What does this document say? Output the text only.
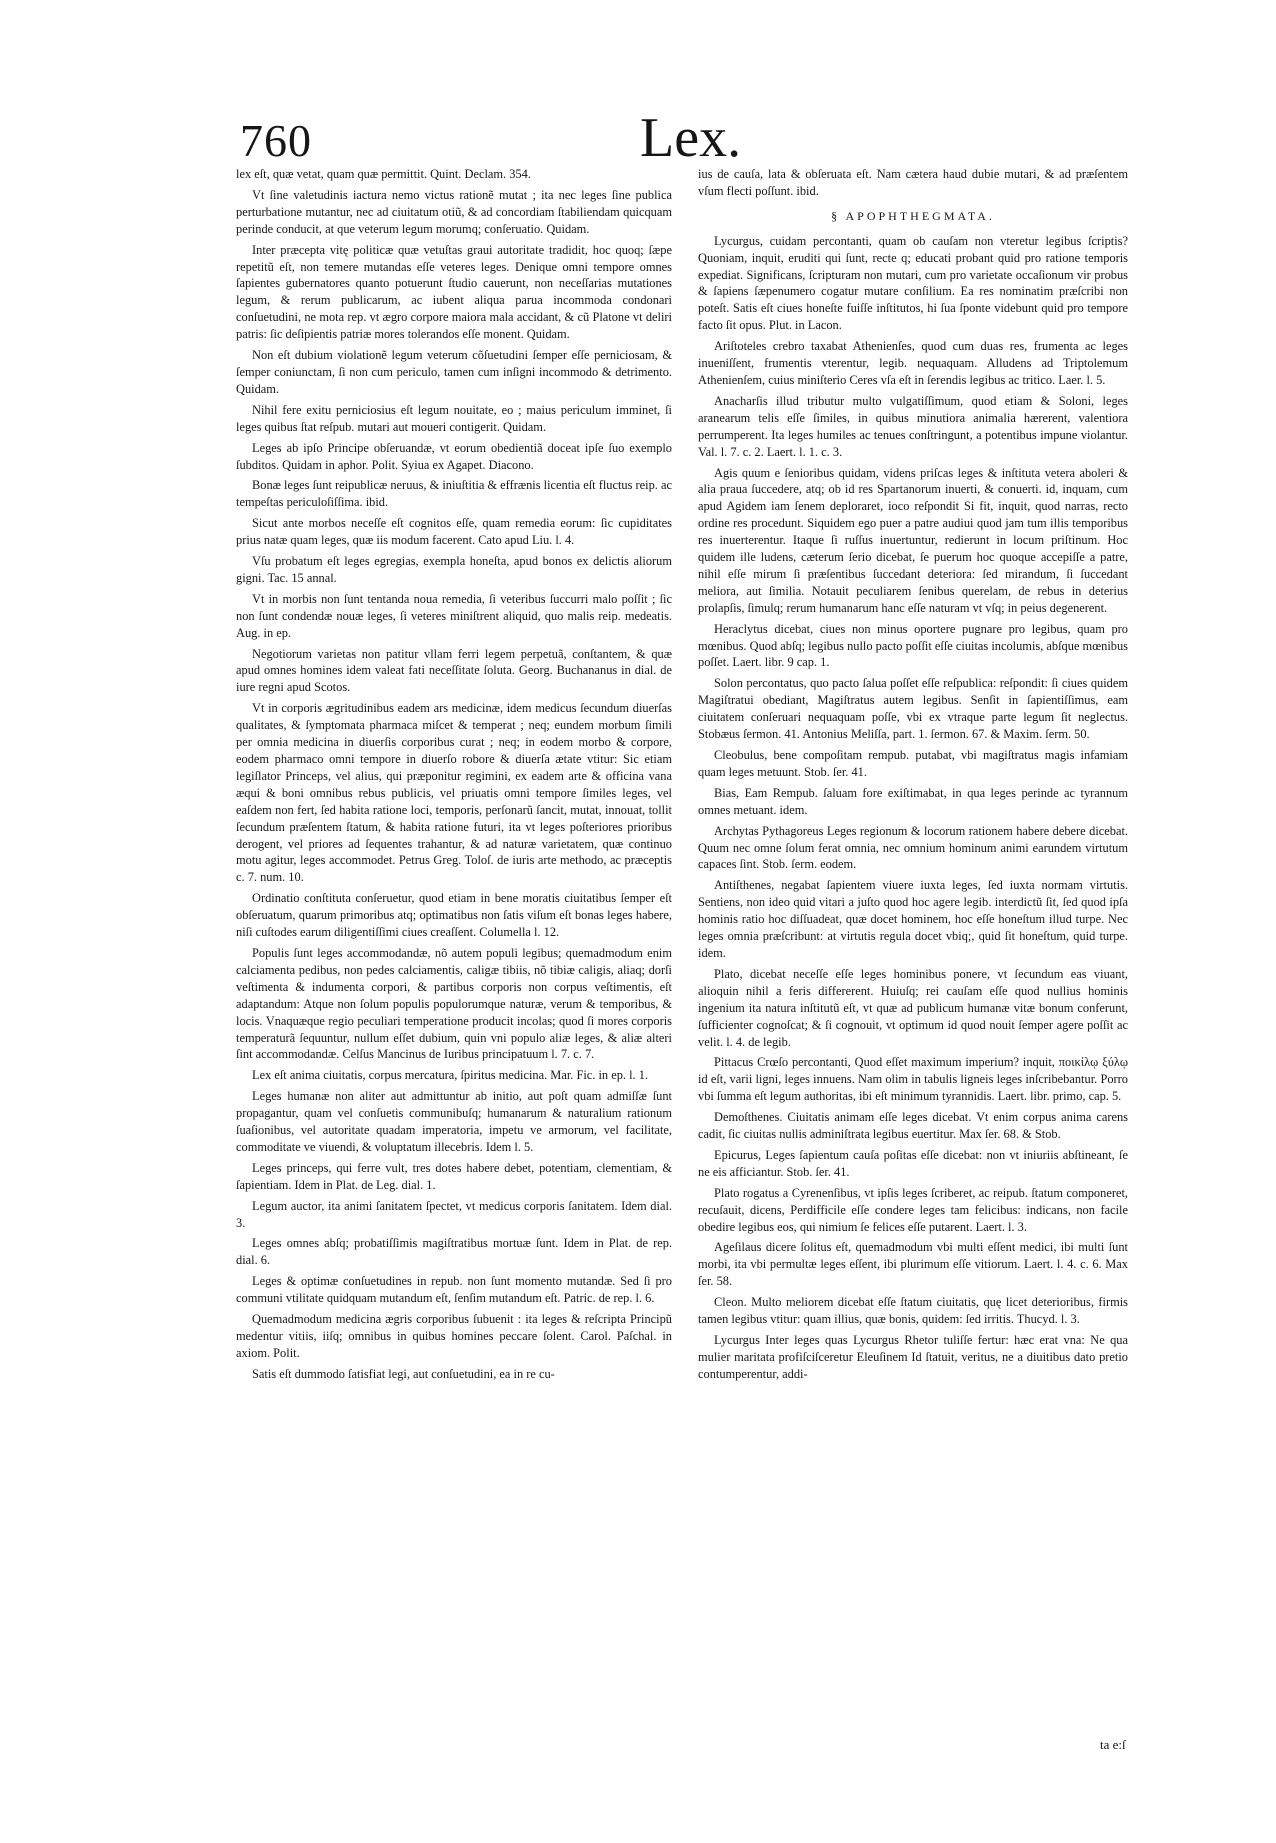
760	Lex.

lex eſt, quæ vetat, quam quæ permittit. Quint. Declam. 354.

Vt ſine valetudinis iactura nemo victus rationẽ mutat ; ita nec leges ſine publica perturbatione mutantur, nec ad ciuitatum otiũ, & ad concordiam ſtabiliendam quicquam perinde conducit, at que veterum legum morumq; conſeruatio. Quidam.

Inter præcepta vitę politicæ quæ vetuſtas graui autoritate tradidit, hoc quoq; ſæpe repetitũ eſt, non temere mutandas eſſe veteres leges. Denique omni tempore omnes ſapientes gubernatores quanto potuerunt ſtudio cauerunt, non neceſſarias mutationes legum, & rerum publicarum, ac iubent aliqua parua incommoda condonari conſuetudini, ne mota rep. vt ægro corpore maiora mala accidant, & cũ Platone vt deliri patris: ſic deſipientis patriæ mores tolerandos eſſe monent. Quidam.

Non eſt dubium violationẽ legum veterum cõſuetudini ſemper eſſe perniciosam, & ſemper coniunctam, ſi non cum periculo, tamen cum inſigni incommodo & detrimento. Quidam.

Nihil fere exitu perniciosius eſt legum nouitate, eo ; maius periculum imminet, ſi leges quibus ſtat reſpub. mutari aut moueri contigerit. Quidam.

Leges ab ipſo Principe obſeruandæ, vt eorum obedientiã doceat ipſe ſuo exemplo ſubditos. Quidam in aphor. Polit. Syiua ex Agapet. Diacono.

Bonæ leges ſunt reipublicæ neruus, & iniuſtitia & effrænis licentia eſt fluctus reip. ac tempeſtas periculoſiſſima. ibid.

Sicut ante morbos neceſſe eſt cognitos eſſe, quam remedia eorum: ſic cupiditates prius natæ quam leges, quæ iis modum facerent. Cato apud Liu. l. 4.

Vſu probatum eſt leges egregias, exempla honeſta, apud bonos ex delictis aliorum gigni. Tac. 15 annal.

Vt in morbis non ſunt tentanda noua remedia, ſi veteribus ſuccurri malo poſſit ; ſic non ſunt condendæ nouæ leges, ſi veteres miniſtrent aliquid, quo malis reip. medeatis. Aug. in ep.

Negotiorum varietas non patitur vllam ferri legem perpetuã, conſtantem, & quæ apud omnes homines idem valeat fati neceſſitate ſoluta. Georg. Buchananus in dial. de iure regni apud Scotos.

Vt in corporis ægritudinibus eadem ars medicinæ, idem medicus ſecundum diuerſas qualitates, & ſymptomata pharmaca miſcet & temperat ; neq; eundem morbum ſimili per omnia medicina in diuerſis corporibus curat ; neq; in eodem morbo & corpore, eodem pharmaco omni tempore in diuerſo robore & diuerſa ætate vtitur: Sic etiam legiſlator Princeps, vel alius, qui præponitur regimini, ex eadem arte & officina vana æqui & boni omnibus rebus publicis, vel priuatis omni tempore ſimiles leges, vel eaſdem non fert, ſed habita ratione loci, temporis, perſonarũ ſancit, mutat, innouat, tollit ſecundum præſentem ſtatum, & habita ratione futuri, ita vt leges poſteriores prioribus derogent, vel priores ad ſequentes trahantur, & ad naturæ varietatem, quæ continuo motu agitur, leges accommodet. Petrus Greg. Toloſ. de iuris arte methodo, ac præceptis c. 7. num. 10.

Ordinatio conſtituta conſeruetur, quod etiam in bene moratis ciuitatibus ſemper eſt obſeruatum, quarum primoribus atq; optimatibus non ſatis viſum eſt bonas leges habere, niſi cuſtodes earum diligentiſſimi ciues creaſſent. Columella l. 12.

Populis ſunt leges accommodandæ, nõ autem populi legibus; quemadmodum enim calciamenta pedibus, non pedes calciamentis, caligæ tibiis, nõ tibiæ caligis, aliaq; dorſi veſtimenta & indumenta corpori, & partibus corporis non corpus veſtimentis, eſt adaptandum: Atque non ſolum populis populorumque naturæ, verum & temporibus, & locis. Vnaquæque regio peculiari temperatione producit incolas; quod ſi mores corporis temperaturã ſequuntur, nullum eſſet dubium, quin vni populo aliæ leges, & aliæ alteri ſint accommodandæ. Celſus Mancinus de Iuribus principatuum l. 7. c. 7.

Lex eſt anima ciuitatis, corpus mercatura, ſpiritus medicina. Mar. Fic. in ep. l. 1.

Leges humanæ non aliter aut admittuntur ab initio, aut poſt quam admiſſæ ſunt propagantur, quam vel conſuetis communibuſq; humanarum & naturalium rationum ſuaſionibus, vel autoritate quadam imperatoria, impetu ve armorum, vel facilitate, commoditate ve viuendi, & voluptatum illecebris. Idem l. 5.

Leges princeps, qui ferre vult, tres dotes habere debet, potentiam, clementiam, & ſapientiam. Idem in Plat. de Leg. dial. 1.

Legum auctor, ita animi ſanitatem ſpectet, vt medicus corporis ſanitatem. Idem dial. 3.

Leges omnes abſq; probatiſſimis magiſtratibus mortuæ ſunt. Idem in Plat. de rep. dial. 6.

Leges & optimæ conſuetudines in repub. non ſunt momento mutandæ. Sed ſi pro communi vtilitate quidquam mutandum eſt, ſenſim mutandum eſt. Patric. de rep. l. 6.

Quemadmodum medicina ægris corporibus ſubuenit : ita leges & reſcripta Principũ medentur vitiis, iiſq; omnibus in quibus homines peccare ſolent. Carol. Paſchal. in axiom. Polit.

Satis eſt dummodo ſatisfiat legi, aut conſuetudini, ea in re cu-

ius de cauſa, lata & obſeruata eſt. Nam cætera haud dubie mutari, & ad præſentem vſum flecti poſſunt. ibid.

§ APOPHTHEGMATA.

Lycurgus, cuidam percontanti, quam ob cauſam non vteretur legibus ſcriptis? Quoniam, inquit, eruditi qui ſunt, recte q; educati probant quid pro ratione temporis expediat. Significans, ſcripturam non mutari, cum pro varietate occaſionum vir probus & ſapiens ſæpenumero cogatur mutare conſilium. Ea res nominatim præſcribi non poteſt. Satis eſt ciues honeſte fuiſſe inſtitutos, hi ſua ſponte videbunt quid pro tempore facto ſit opus. Plut. in Lacon.

Ariſtoteles crebro taxabat Athenienſes, quod cum duas res, frumenta ac leges inueniſſent, frumentis vterentur, legib. nequaquam. Alludens ad Triptolemum Athenienſem, cuius miniſterio Ceres vſa eſt in ſerendis legibus ac tritico. Laer. l. 5.

Anacharſis illud tributur multo vulgatiſſimum, quod etiam & Soloni, leges aranearum telis eſſe ſimiles, in quibus minutiora animalia hærerent, valentiora perrumperent. Ita leges humiles ac tenues conſtringunt, a potentibus impune violantur. Val. l. 7. c. 2. Laert. l. 1. c. 3.

Agis quum e ſenioribus quidam, videns priſcas leges & inſtituta vetera aboleri & alia praua ſuccedere, atq; ob id res Spartanorum inuerti, & conuerti. id, inquam, cum apud Agidem iam ſenem deploraret, ioco reſpondit Si fit, inquit, quod narras, recto ordine res procedunt. Siquidem ego puer a patre audiui quod jam tum illis temporibus res inuerterentur. Itaque ſi ruſſus inuertuntur, redierunt in locum priſtinum. Hoc quidem ille ludens, cæterum ſerio dicebat, ſe puerum hoc quoque accepiſſe a patre, nihil eſſe mirum ſi præſentibus ſuccedant deteriora: ſed mirandum, ſi ſuccedant meliora, aut ſimilia. Notauit peculiarem ſenibus querelam, de rebus in deterius prolapſis, ſimulq; rerum humanarum hanc eſſe naturam vt vſq; in peius degenerent.

Heraclytus dicebat, ciues non minus oportere pugnare pro legibus, quam pro mœnibus. Quod abſq; legibus nullo pacto poſſit eſſe ciuitas incolumis, abſque mœnibus poſſet. Laert. libr. 9 cap. 1.

Solon percontatus, quo pacto ſalua poſſet eſſe reſpublica: reſpondit: ſi ciues quidem Magiſtratui obediant, Magiſtratus autem legibus. Senſit in ſapientiſſimus, eam ciuitatem conſeruari nequaquam poſſe, vbi ex vtraque parte legum ſit neglectus. Stobæus ſermon. 41. Antonius Meliſſa, part. 1. ſermon. 67. & Maxim. ſerm. 50.

Cleobulus, bene compoſitam rempub. putabat, vbi magiſtratus magis infamiam quam leges metuunt. Stob. ſer. 41.

Bias, Eam Rempub. ſaluam fore exiſtimabat, in qua leges perinde ac tyrannum omnes metuant. idem.

Archytas Pythagoreus Leges regionum & locorum rationem habere debere dicebat. Quum nec omne ſolum ferat omnia, nec omnium hominum animi earundem virtutum capaces ſint. Stob. ſerm. eodem.

Antiſthenes, negabat ſapientem viuere iuxta leges, ſed iuxta normam virtutis. Sentiens, non ideo quid vitari a juſto quod hoc agere legib. interdictũ ſit, ſed quod ipſa hominis ratio hoc diſſuadeat, quæ docet hominem, hoc eſſe honeſtum illud turpe. Nec leges omnia præſcribunt: at virtutis regula docet vbiq;, quid ſit honeſtum, quid turpe. idem.

Plato, dicebat neceſſe eſſe leges hominibus ponere, vt ſecundum eas viuant, alioquin nihil a feris differerent. Huiuſq; rei cauſam eſſe quod nullius hominis ingenium ita natura inſtitutũ eſt, vt quæ ad publicum humanæ vitæ bonum conferunt, ſufficienter cognoſcat; & ſi cognouit, vt optimum id quod nouit ſemper agere poſſit ac velit. l. 4. de legib.

Pittacus Crœſo percontanti, Quod eſſet maximum imperium? inquit, ποικίλῳ ξύλῳ id eſt, varii ligni, leges innuens. Nam olim in tabulis ligneis leges inſcribebantur. Porro vbi ſumma eſt legum authoritas, ibi eſt minimum tyrannidis. Laert. libr. primo, cap. 5.

Demoſthenes. Ciuitatis animam eſſe leges dicebat. Vt enim corpus anima carens cadit, ſic ciuitas nullis adminiſtrata legibus euertitur. Max ſer. 68. & Stob.

Epicurus, Leges ſapientum cauſa poſitas eſſe dicebat: non vt iniuriis abſtineant, ſe ne eis afficiantur. Stob. ſer. 41.

Plato rogatus a Cyrenenſibus, vt ipſis leges ſcriberet, ac reipub. ſtatum componeret, recuſauit, dicens, Perdifficile eſſe condere leges tam felicibus: indicans, non facile obedire legibus eos, qui nimium ſe felices eſſe putarent. Laert. l. 3.

Ageſilaus dicere ſolitus eſt, quemadmodum vbi multi eſſent medici, ibi multi ſunt morbi, ita vbi permultæ leges eſſent, ibi plurimum eſſe vitiorum. Laert. l. 4. c. 6. Max ſer. 58.

Cleon. Multo meliorem dicebat eſſe ſtatum ciuitatis, quę licet deterioribus, firmis tamen legibus vtitur: quam illius, quæ bonis, quidem: ſed irritis. Thucyd. l. 3.

Lycurgus Inter leges quas Lycurgus Rhetor tuliſſe fertur: hæc erat vna: Ne qua mulier maritata profiſciſceretur Eleuſinem Id ſtatuit, veritus, ne a diuitibus dato pretio contumperentur, addi-

ta e:ſ
